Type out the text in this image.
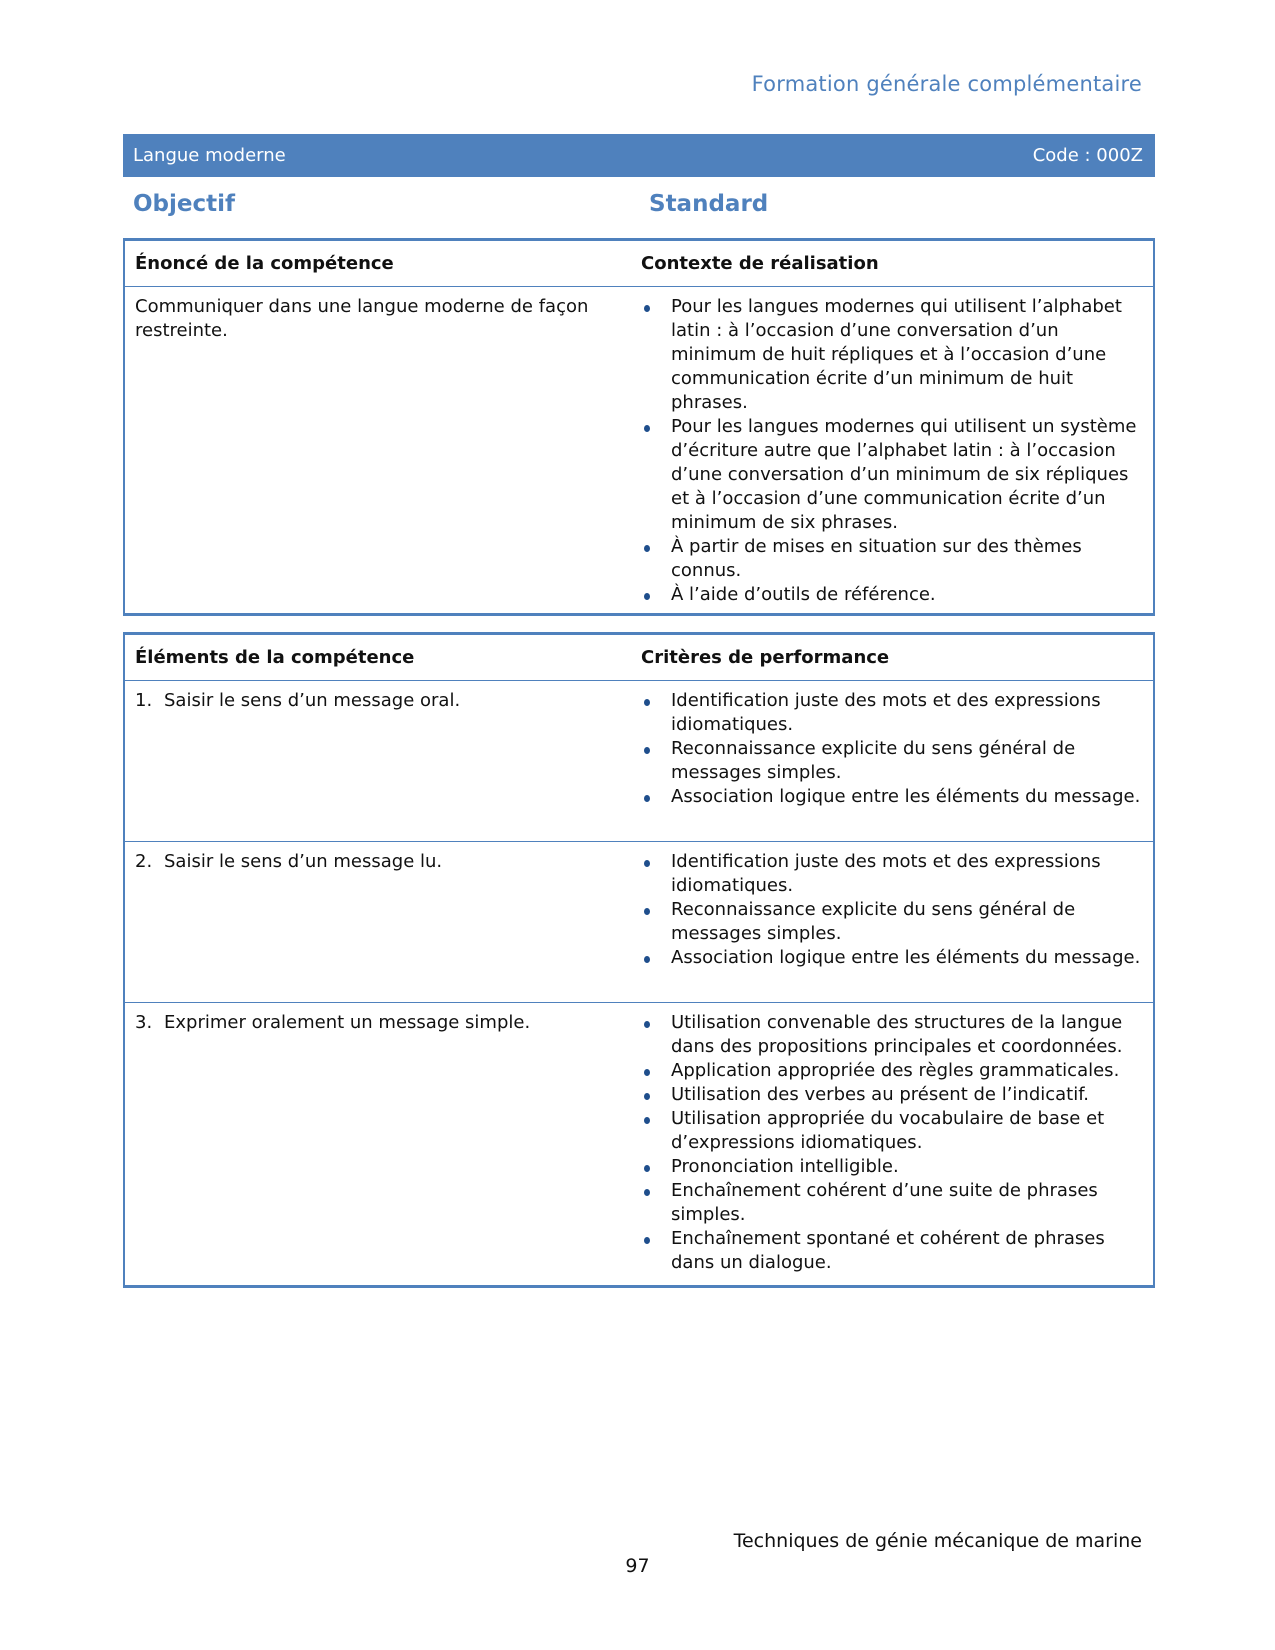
Formation générale complémentaire
Langue moderne	Code : 000Z
Objectif	Standard
Énoncé de la compétence	Contexte de réalisation
Communiquer dans une langue moderne de façon restreinte.
Pour les langues modernes qui utilisent l’alphabet latin : à l’occasion d’une conversation d’un minimum de huit répliques et à l’occasion d’une communication écrite d’un minimum de huit phrases.
Pour les langues modernes qui utilisent un système d’écriture autre que l’alphabet latin : à l’occasion d’une conversation d’un minimum de six répliques et à l’occasion d’une communication écrite d’un minimum de six phrases.
À partir de mises en situation sur des thèmes connus.
À l’aide d’outils de référence.
Éléments de la compétence	Critères de performance
1. Saisir le sens d’un message oral.	Identification juste des mots et des expressions idiomatiques.
Reconnaissance explicite du sens général de messages simples.
Association logique entre les éléments du message.
2. Saisir le sens d’un message lu.	Identification juste des mots et des expressions idiomatiques.
Reconnaissance explicite du sens général de messages simples.
Association logique entre les éléments du message.
3. Exprimer oralement un message simple.	Utilisation convenable des structures de la langue dans des propositions principales et coordonnées.
Application appropriée des règles grammaticales.
Utilisation des verbes au présent de l’indicatif.
Utilisation appropriée du vocabulaire de base et d’expressions idiomatiques.
Prononciation intelligible.
Enchaînement cohérent d’une suite de phrases simples.
Enchaînement spontané et cohérent de phrases dans un dialogue.
Techniques de génie mécanique de marine
97
